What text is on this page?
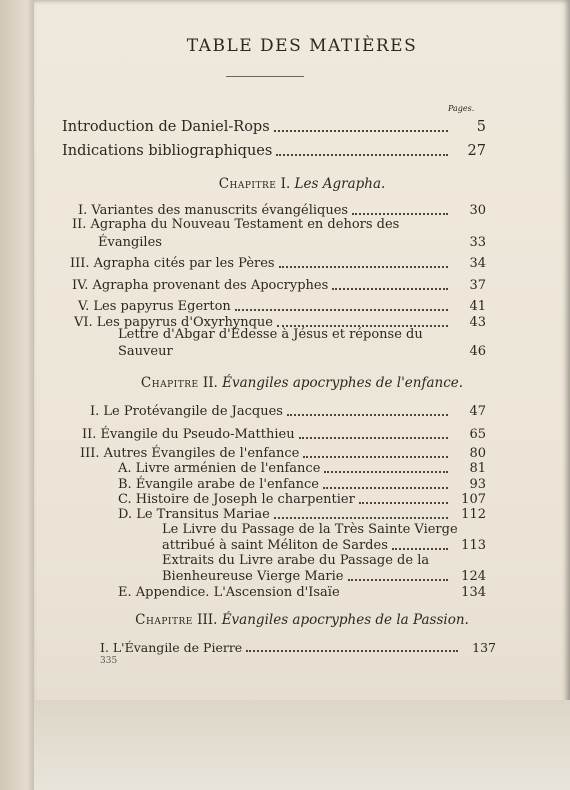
TABLE DES MATIÈRES
Pages.
Introduction de Daniel-Rops	5
Indications bibliographiques	27
Chapitre I. Les Agrapha.
I. Variantes des manuscrits évangéliques	30
II. Agrapha du Nouveau Testament en dehors des
Évangiles	33
III. Agrapha cités par les Pères	34
IV. Agrapha provenant des Apocryphes	37
V. Les papyrus Egerton	41
VI. Les papyrus d'Oxyrhynque	43
Lettre d'Abgar d'Édesse à Jésus et réponse du
Sauveur	46
Chapitre II. Évangiles apocryphes de l'enfance.
I. Le Protévangile de Jacques	47
II. Évangile du Pseudo-Matthieu	65
III. Autres Évangiles de l'enfance	80
A. Livre arménien de l'enfance	81
B. Évangile arabe de l'enfance	93
C. Histoire de Joseph le charpentier	107
D. Le Transitus Mariae	112
Le Livre du Passage de la Très Sainte Vierge
attribué à saint Méliton de Sardes	113
Extraits du Livre arabe du Passage de la
Bienheureuse Vierge Marie	124
E. Appendice. L'Ascension d'Isaïe	134
Chapitre III. Évangiles apocryphes de la Passion.
I. L'Évangile de Pierre	137
335
